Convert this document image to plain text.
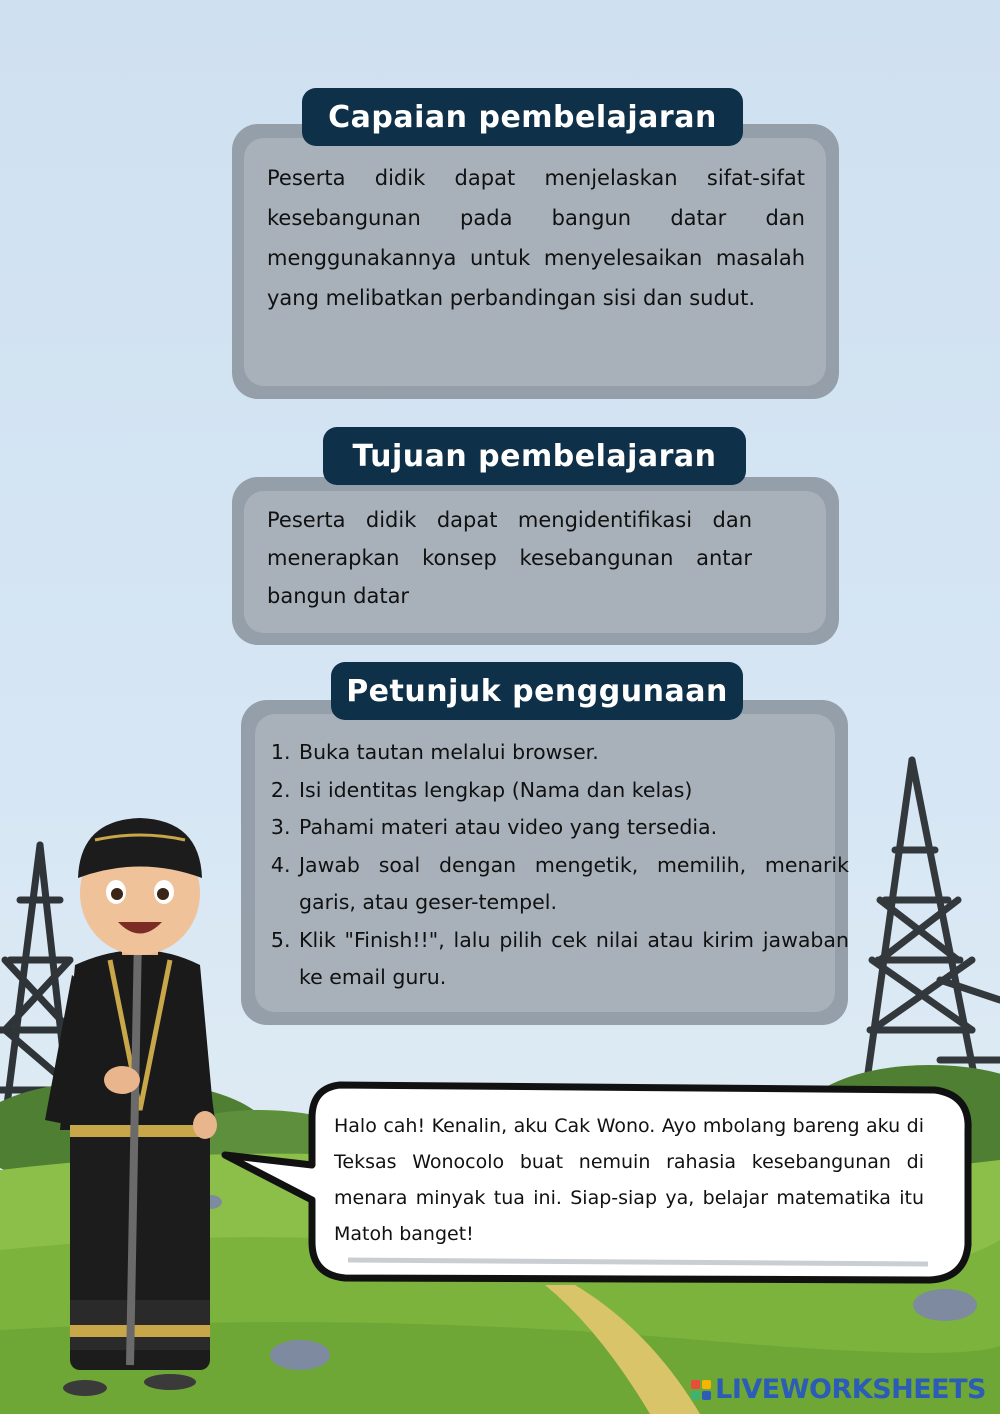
Peserta didik dapat menjelaskan sifat-sifat kesebangunan pada bangun datar dan menggunakannya untuk menyelesaikan masalah yang melibatkan perbandingan sisi dan sudut.
Capaian pembelajaran
Peserta didik dapat mengidentifikasi dan menerapkan konsep kesebangunan antar bangun datar
Tujuan pembelajaran
1. Buka tautan melalui browser.
2. Isi identitas lengkap (Nama dan kelas)
3. Pahami materi atau video yang tersedia.
4. Jawab soal dengan mengetik, memilih, menarik garis, atau geser-tempel.
5. Klik "Finish!!", lalu pilih cek nilai atau kirim jawaban ke email guru.
Petunjuk penggunaan
Halo cah! Kenalin, aku Cak Wono. Ayo mbolang bareng aku di Teksas Wonocolo buat nemuin rahasia kesebangunan di menara minyak tua ini. Siap-siap ya, belajar matematika itu Matoh banget!
LIVEWORKSHEETS
